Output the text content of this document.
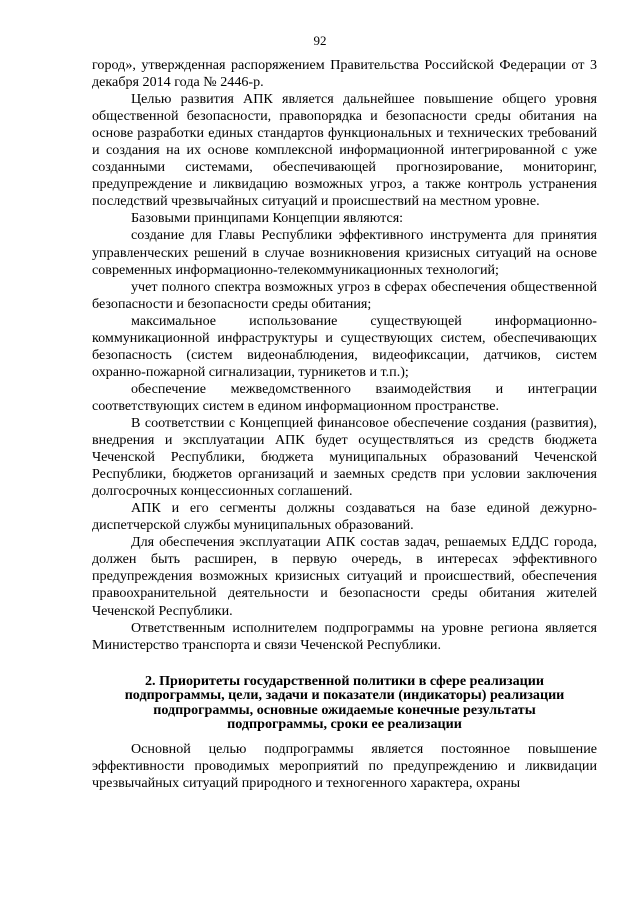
92

город», утвержденная распоряжением Правительства Российской Федерации от 3 декабря 2014 года № 2446-р.

Целью развития АПК является дальнейшее повышение общего уровня общественной безопасности, правопорядка и безопасности среды обитания на основе разработки единых стандартов функциональных и технических требований и создания на их основе комплексной информационной интегрированной с уже созданными системами, обеспечивающей прогнозирование, мониторинг, предупреждение и ликвидацию возможных угроз, а также контроль устранения последствий чрезвычайных ситуаций и происшествий на местном уровне.

Базовыми принципами Концепции являются:

создание для Главы Республики эффективного инструмента для принятия управленческих решений в случае возникновения кризисных ситуаций на основе современных информационно-телекоммуникационных технологий;

учет полного спектра возможных угроз в сферах обеспечения общественной безопасности и безопасности среды обитания;

максимальное использование существующей информационно-коммуникационной инфраструктуры и существующих систем, обеспечивающих безопасность (систем видеонаблюдения, видеофиксации, датчиков, систем охранно-пожарной сигнализации, турникетов и т.п.);

обеспечение межведомственного взаимодействия и интеграции соответствующих систем в едином информационном пространстве.

В соответствии с Концепцией финансовое обеспечение создания (развития), внедрения и эксплуатации АПК будет осуществляться из средств бюджета Чеченской Республики, бюджета муниципальных образований Чеченской Республики, бюджетов организаций и заемных средств при условии заключения долгосрочных концессионных соглашений.

АПК и его сегменты должны создаваться на базе единой дежурно-диспетчерской службы муниципальных образований.

Для обеспечения эксплуатации АПК состав задач, решаемых ЕДДС города, должен быть расширен, в первую очередь, в интересах эффективного предупреждения возможных кризисных ситуаций и происшествий, обеспечения правоохранительной деятельности и безопасности среды обитания жителей Чеченской Республики.

Ответственным исполнителем подпрограммы на уровне региона является Министерство транспорта и связи Чеченской Республики.

2. Приоритеты государственной политики в сфере реализации
подпрограммы, цели, задачи и показатели (индикаторы) реализации
подпрограммы, основные ожидаемые конечные результаты
подпрограммы, сроки ее реализации

Основной целью подпрограммы является постоянное повышение эффективности проводимых мероприятий по предупреждению и ликвидации чрезвычайных ситуаций природного и техногенного характера, охраны
